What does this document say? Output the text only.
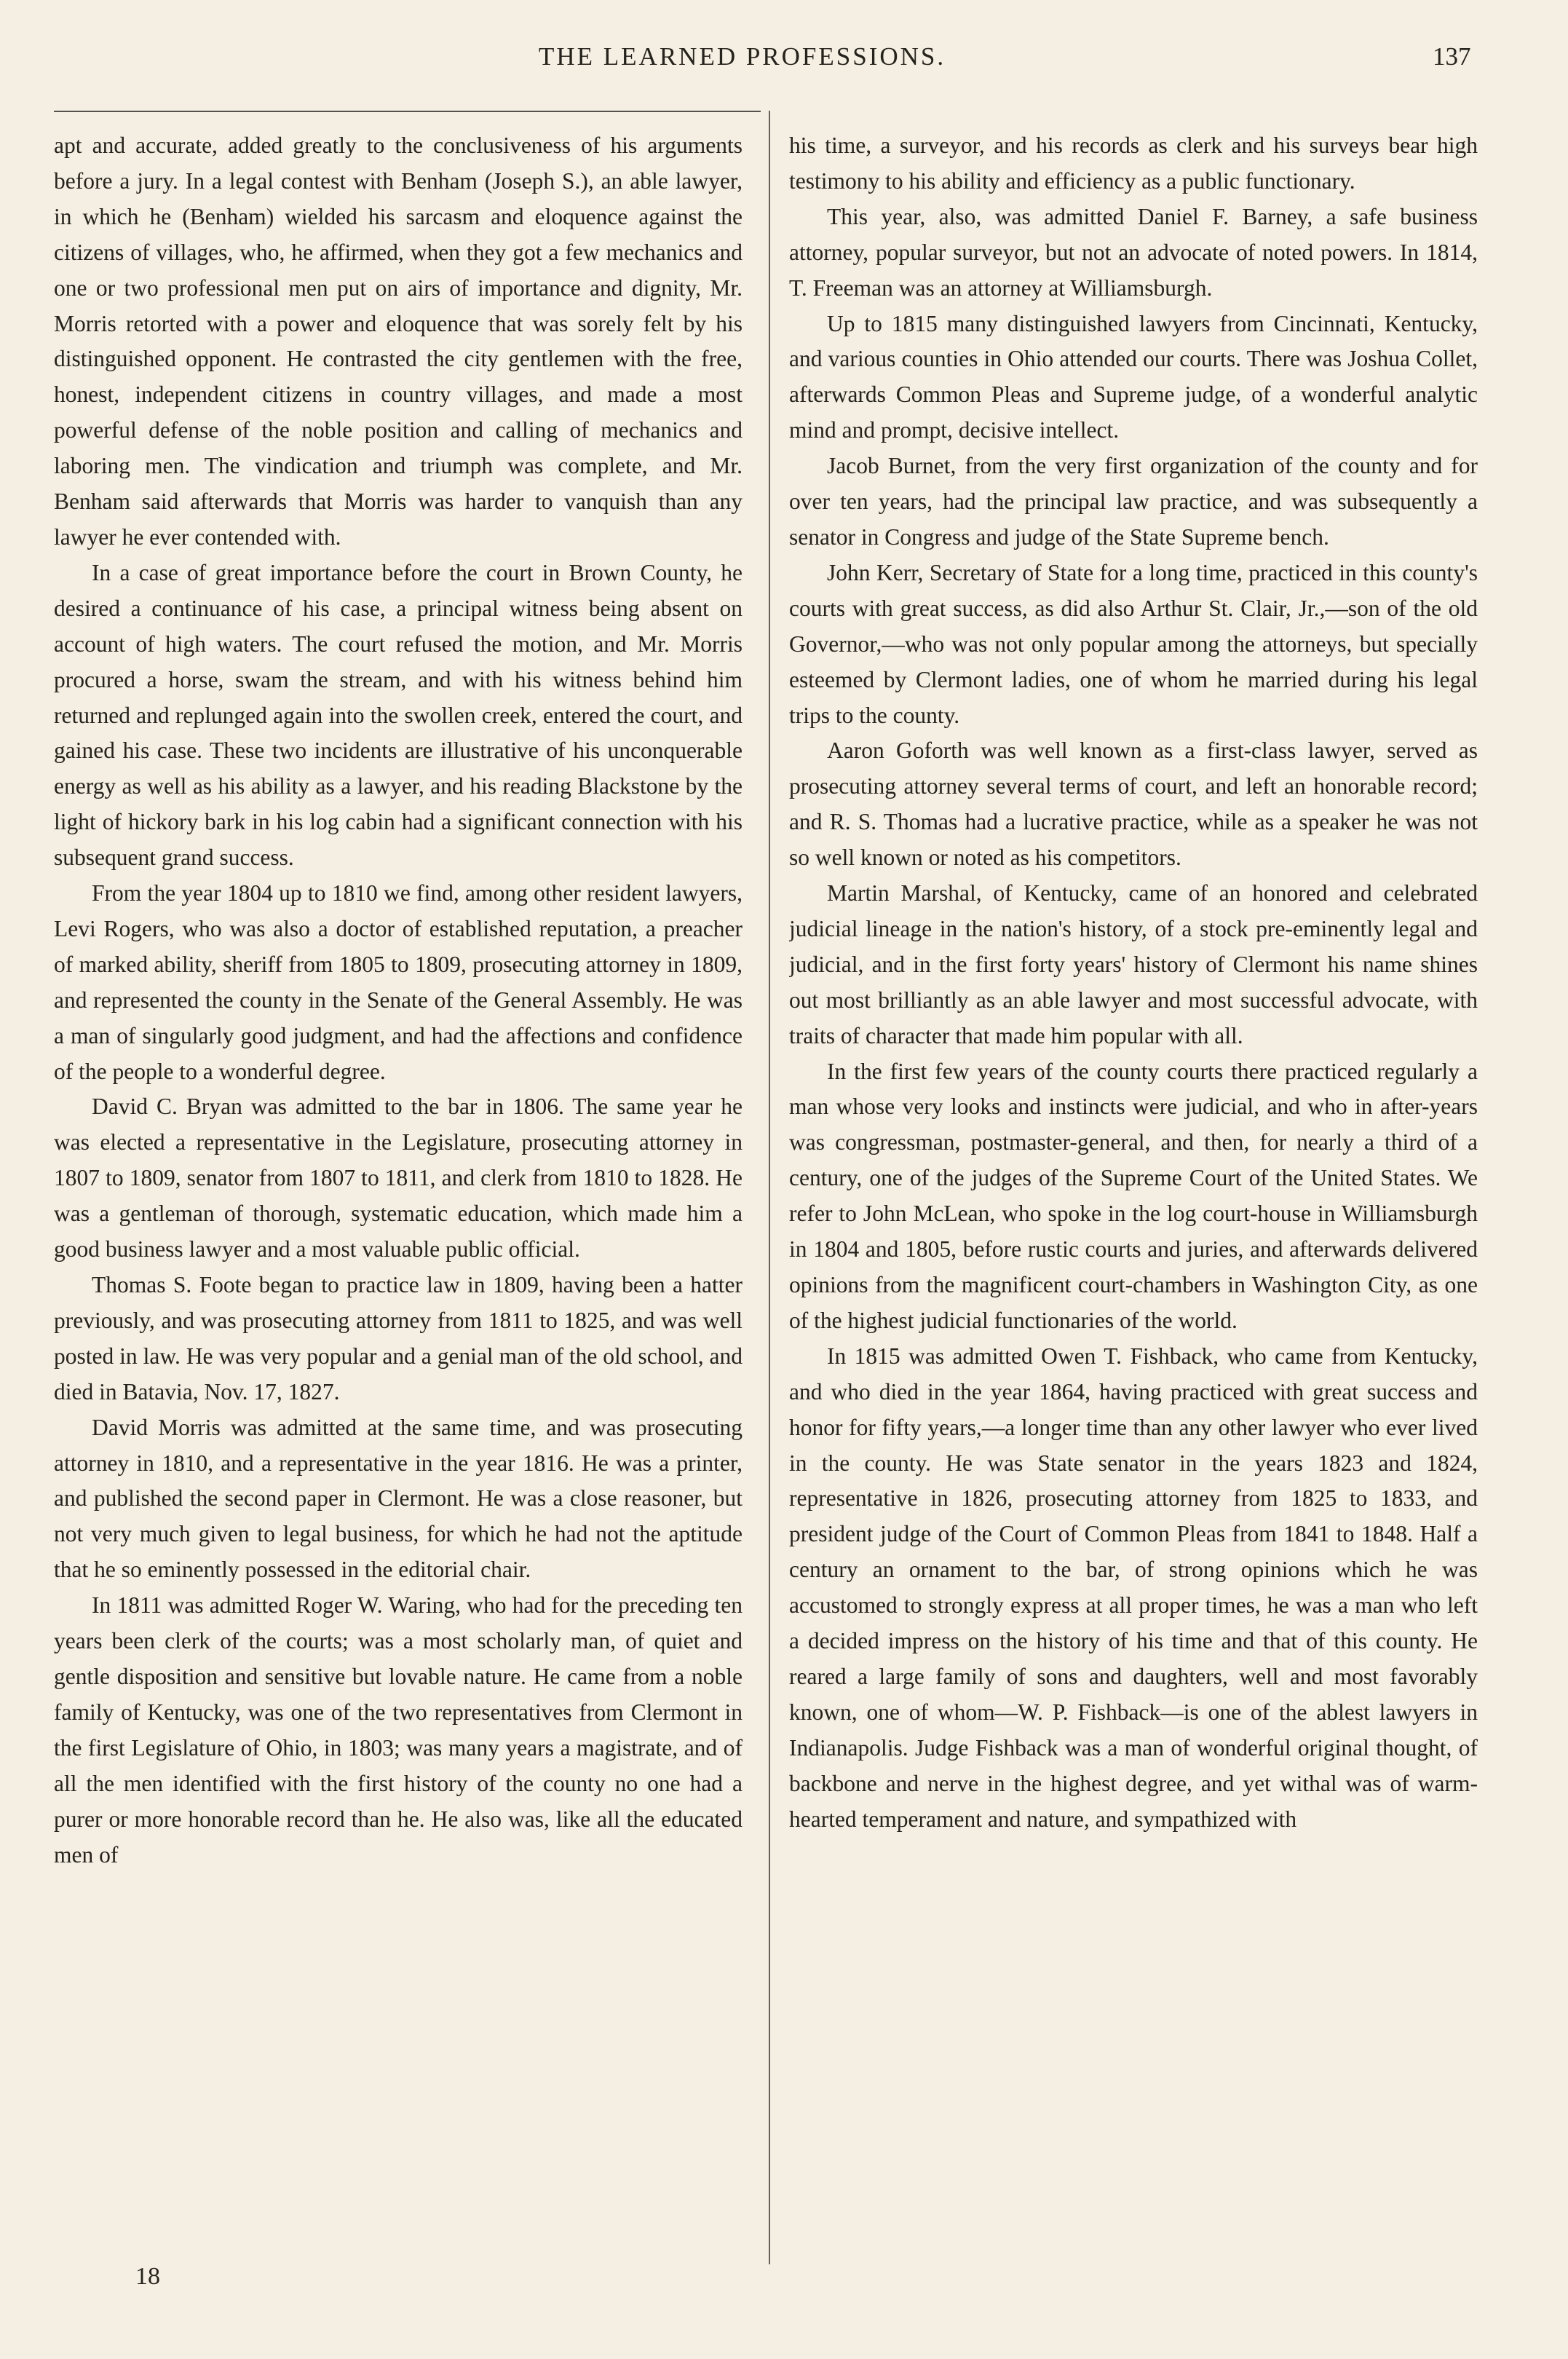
THE LEARNED PROFESSIONS.	137

apt and accurate, added greatly to the conclusiveness of his arguments before a jury. In a legal contest with Benham (Joseph S.), an able lawyer, in which he (Benham) wielded his sarcasm and eloquence against the citizens of villages, who, he affirmed, when they got a few mechanics and one or two professional men put on airs of importance and dignity, Mr. Morris retorted with a power and eloquence that was sorely felt by his distinguished opponent. He contrasted the city gentlemen with the free, honest, independent citizens in country villages, and made a most powerful defense of the noble position and calling of mechanics and laboring men. The vindication and triumph was complete, and Mr. Benham said afterwards that Morris was harder to vanquish than any lawyer he ever contended with.

In a case of great importance before the court in Brown County, he desired a continuance of his case, a principal witness being absent on account of high waters. The court refused the motion, and Mr. Morris procured a horse, swam the stream, and with his witness behind him returned and replunged again into the swollen creek, entered the court, and gained his case. These two incidents are illustrative of his unconquerable energy as well as his ability as a lawyer, and his reading Blackstone by the light of hickory bark in his log cabin had a significant connection with his subsequent grand success.

From the year 1804 up to 1810 we find, among other resident lawyers, Levi Rogers, who was also a doctor of established reputation, a preacher of marked ability, sheriff from 1805 to 1809, prosecuting attorney in 1809, and represented the county in the Senate of the General Assembly. He was a man of singularly good judgment, and had the affections and confidence of the people to a wonderful degree.

David C. Bryan was admitted to the bar in 1806. The same year he was elected a representative in the Legislature, prosecuting attorney in 1807 to 1809, senator from 1807 to 1811, and clerk from 1810 to 1828. He was a gentleman of thorough, systematic education, which made him a good business lawyer and a most valuable public official.

Thomas S. Foote began to practice law in 1809, having been a hatter previously, and was prosecuting attorney from 1811 to 1825, and was well posted in law. He was very popular and a genial man of the old school, and died in Batavia, Nov. 17, 1827.

David Morris was admitted at the same time, and was prosecuting attorney in 1810, and a representative in the year 1816. He was a printer, and published the second paper in Clermont. He was a close reasoner, but not very much given to legal business, for which he had not the aptitude that he so eminently possessed in the editorial chair.

In 1811 was admitted Roger W. Waring, who had for the preceding ten years been clerk of the courts; was a most scholarly man, of quiet and gentle disposition and sensitive but lovable nature. He came from a noble family of Kentucky, was one of the two representatives from Clermont in the first Legislature of Ohio, in 1803; was many years a magistrate, and of all the men identified with the first history of the county no one had a purer or more honorable record than he. He also was, like all the educated men of

his time, a surveyor, and his records as clerk and his surveys bear high testimony to his ability and efficiency as a public functionary.

This year, also, was admitted Daniel F. Barney, a safe business attorney, popular surveyor, but not an advocate of noted powers. In 1814, T. Freeman was an attorney at Williamsburgh.

Up to 1815 many distinguished lawyers from Cincinnati, Kentucky, and various counties in Ohio attended our courts. There was Joshua Collet, afterwards Common Pleas and Supreme judge, of a wonderful analytic mind and prompt, decisive intellect.

Jacob Burnet, from the very first organization of the county and for over ten years, had the principal law practice, and was subsequently a senator in Congress and judge of the State Supreme bench.

John Kerr, Secretary of State for a long time, practiced in this county's courts with great success, as did also Arthur St. Clair, Jr.,—son of the old Governor,—who was not only popular among the attorneys, but specially esteemed by Clermont ladies, one of whom he married during his legal trips to the county.

Aaron Goforth was well known as a first-class lawyer, served as prosecuting attorney several terms of court, and left an honorable record; and R. S. Thomas had a lucrative practice, while as a speaker he was not so well known or noted as his competitors.

Martin Marshal, of Kentucky, came of an honored and celebrated judicial lineage in the nation's history, of a stock pre-eminently legal and judicial, and in the first forty years' history of Clermont his name shines out most brilliantly as an able lawyer and most successful advocate, with traits of character that made him popular with all.

In the first few years of the county courts there practiced regularly a man whose very looks and instincts were judicial, and who in after-years was congressman, postmaster-general, and then, for nearly a third of a century, one of the judges of the Supreme Court of the United States. We refer to John McLean, who spoke in the log court-house in Williamsburgh in 1804 and 1805, before rustic courts and juries, and afterwards delivered opinions from the magnificent court-chambers in Washington City, as one of the highest judicial functionaries of the world.

In 1815 was admitted Owen T. Fishback, who came from Kentucky, and who died in the year 1864, having practiced with great success and honor for fifty years,—a longer time than any other lawyer who ever lived in the county. He was State senator in the years 1823 and 1824, representative in 1826, prosecuting attorney from 1825 to 1833, and president judge of the Court of Common Pleas from 1841 to 1848. Half a century an ornament to the bar, of strong opinions which he was accustomed to strongly express at all proper times, he was a man who left a decided impress on the history of his time and that of this county. He reared a large family of sons and daughters, well and most favorably known, one of whom—W. P. Fishback—is one of the ablest lawyers in Indianapolis. Judge Fishback was a man of wonderful original thought, of backbone and nerve in the highest degree, and yet withal was of warm-hearted temperament and nature, and sympathized with

18
